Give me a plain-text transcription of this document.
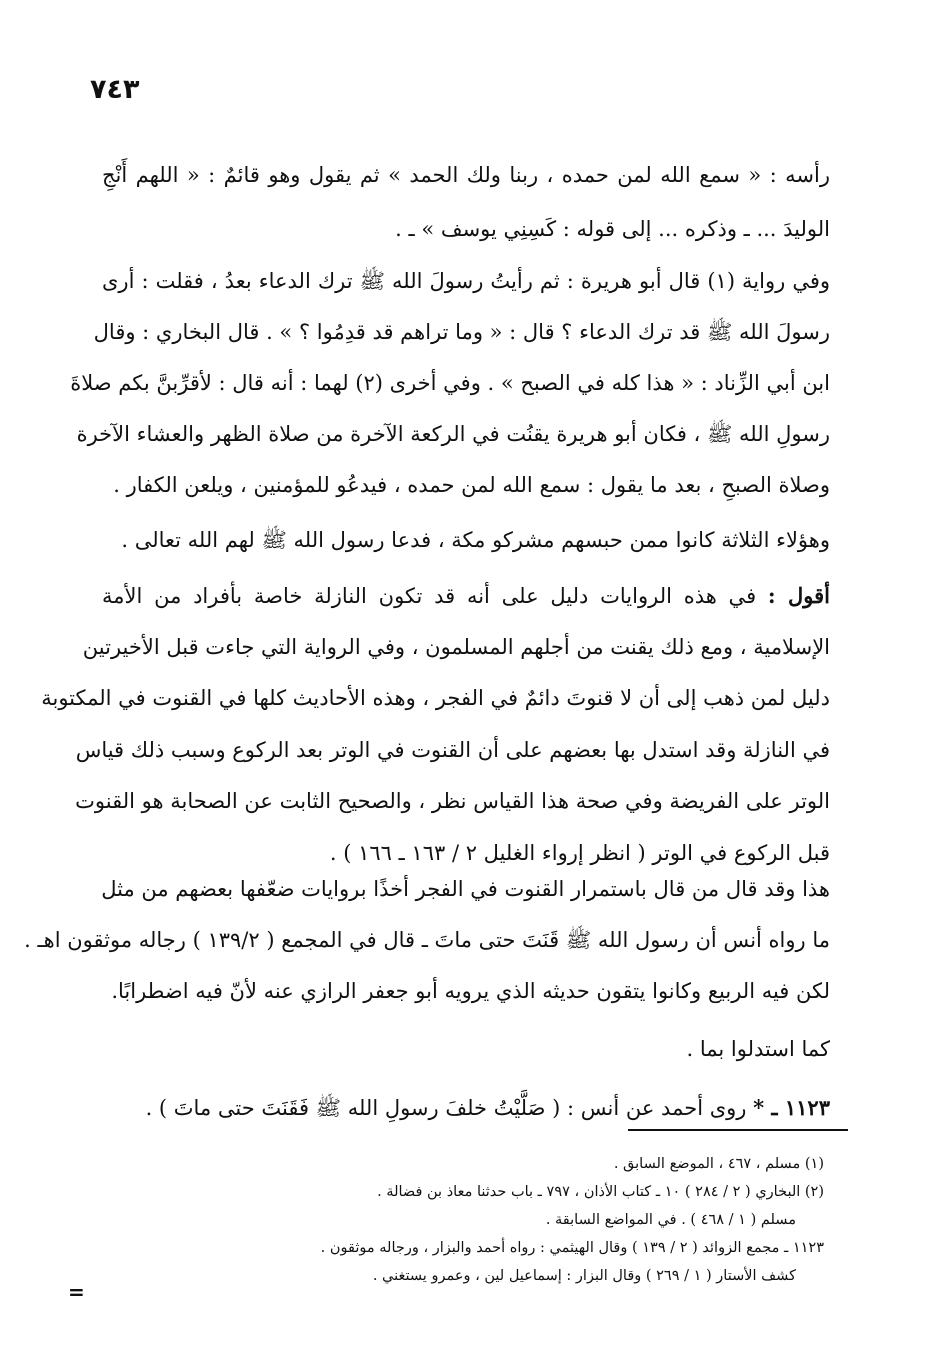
٧٤٣
رأسه : « سمع الله لمن حمده ، ربنا ولك الحمد » ثم يقول وهو قائمٌ : « اللهم أَنْجِ
الوليدَ ... ـ وذكره ... إلى قوله : كَسِنِي يوسف » ـ .
وفي رواية (١) قال أبو هريرة : ثم رأيتُ رسولَ الله ﷺ ترك الدعاء بعدُ ، فقلت : أرى
رسولَ الله ﷺ قد ترك الدعاء ؟ قال : « وما تراهم قد قدِمُوا ؟ » . قال البخاري : وقال
ابن أبي الزِّناد : « هذا كله في الصبح » . وفي أخرى (٢) لهما : أنه قال : لأقرِّبنَّ بكم صلاةَ
رسولِ الله ﷺ ، فكان أبو هريرة يقنُت في الركعة الآخرة من صلاة الظهر والعشاء الآخرة
وصلاة الصبحِ ، بعد ما يقول : سمع الله لمن حمده ، فيدعُو للمؤمنين ، ويلعن الكفار .
وهؤلاء الثلاثة كانوا ممن حبسهم مشركو مكة ، فدعا رسول الله ﷺ لهم الله تعالى .
أقول : في هذه الروايات دليل على أنه قد تكون النازلة خاصة بأفراد من الأمة
الإسلامية ، ومع ذلك يقنت من أجلهم المسلمون ، وفي الرواية التي جاءت قبل الأخيرتين
دليل لمن ذهب إلى أن لا قنوتَ دائمٌ في الفجر ، وهذه الأحاديث كلها في القنوت في المكتوبة
في النازلة وقد استدل بها بعضهم على أن القنوت في الوتر بعد الركوع وسبب ذلك قياس
الوتر على الفريضة وفي صحة هذا القياس نظر ، والصحيح الثابت عن الصحابة هو القنوت
قبل الركوع في الوتر ( انظر إرواء الغليل ٢ / ١٦٣ ـ ١٦٦ ) .
هذا وقد قال من قال باستمرار القنوت في الفجر أخذًا بروايات ضعّفها بعضهم من مثل
ما رواه أنس أن رسول الله ﷺ قَنَتَ حتى ماتَ ـ قال في المجمع ( ١٣٩/٢ ) رجاله موثقون اهـ .
لكن فيه الربيع وكانوا يتقون حديثه الذي يرويه أبو جعفر الرازي عنه لأنّ فيه اضطرابًا.
كما استدلوا بما .
١١٢٣ ـ * روى أحمد عن أنس : ( صَلَّيْتُ خلفَ رسولِ الله ﷺ فَقَنَتَ حتى ماتَ ) .
(١) مسلم ، ٤٦٧ ، الموضع السابق .
(٢) البخاري ( ٢ / ٢٨٤ ) ١٠ ـ كتاب الأذان ، ٧٩٧ ـ باب حدثنا معاذ بن فضالة .
مسلم ( ١ / ٤٦٨ ) . في المواضع السابقة .
١١٢٣ ـ مجمع الزوائد ( ٢ / ١٣٩ ) وقال الهيثمي : رواه أحمد والبزار ، ورجاله موثقون .
كشف الأستار ( ١ / ٢٦٩ ) وقال البزار : إسماعيل لين ، وعمرو يستغني .
=
